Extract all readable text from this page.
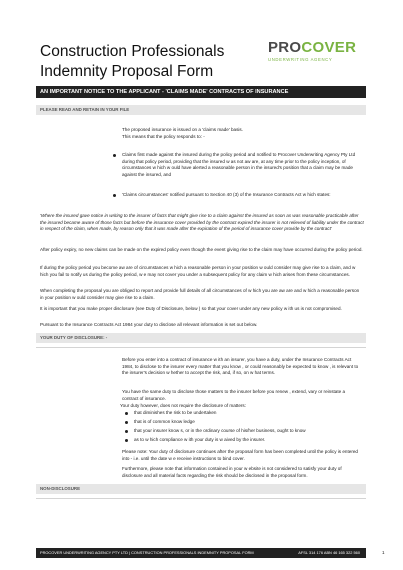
Construction Professionals
Indemnity Proposal Form
PROCOVER
UNDERWRITING AGENCY
AN IMPORTANT NOTICE TO THE APPLICANT - 'CLAIMS MADE' CONTRACTS OF INSURANCE
PLEASE READ AND RETAIN IN YOUR FILE
The proposed insurance is issued on a 'claims made' basis.
This means that the policy responds to: -
Claims first made against the insured during the policy period and notified to Procover Underwriting Agency Pty Ltd during that policy period, providing that the insured w as not aw are, at any time prior to the policy inception, of circumstances w hich w ould have alerted a reasonable person in the insured's position that a claim may be made against the insured, and
'Claims circumstances' notified pursuant to Section 40 (3) of the Insurance Contracts Act w hich states:
'Where the insured gave notice in writing to the insurer of facts that might give rise to a claim against the insured as soon as was reasonable practicable after the insured became aware of those facts but before the insurance cover provided by the contract expired the insurer is not relieved of liability under the contract in respect of the claim, when made, by reason only that it was made after the expiration of the period of insurance cover provide by the contract'
After policy expiry, no new claims can be made on the expired policy even though the event giving rise to the claim may have occurred during the policy period.
If during the policy period you become aw are of circumstances w hich a reasonable person in your position w ould consider may give rise to a claim, and w hich you fail to notify us during the policy period, w e may not cover you under a subsequent policy for any claim w hich arises from these circumstances.
When completing the proposal you are obliged to report and provide full details of all circumstances of w hich you are aw are and w hich a reasonable person in your position w ould consider may give rise to a claim.
It is important that you make proper disclosure (see Duty of Disclosure, below ) so that your cover under any new policy w ith us is not compromised.
Pursuant to the Insurance Contracts Act 1984 your duty to disclose all relevant information is set out below.
YOUR DUTY OF DISCLOSURE: -
Before you enter into a contract of insurance w ith an insurer, you have a duty, under the Insurance Contracts Act 1984, to disclose to the insurer every matter that you know , or could reasonably be expected to know , is relevant to the insurer's decision w hether to accept the risk, and, if so, on w hat terms.
You have the same duty to disclose those matters to the insurer before you renew , extend, vary or reinstate a contract of insurance.
Your duty however, does not require the disclosure of matters:
that diminishes the risk to be undertaken
that is of common know ledge
that your insurer know s, or in the ordinary course of his/her business, ought to know
as to w hich compliance w ith your duty is w aived by the insurer.
Please note: Your duty of disclosure continues after the proposal form has been completed until the policy is entered into - i.e. until the date w e receive instructions to bind cover.
Furthermore, please note that information contained in your w ebsite is not considered to satisfy your duty of disclosure and all material facts regarding the risk should be disclosed in the proposal form.
NON-DISCLOSURE
PROCOVER UNDERWRITING AGENCY PTY LTD | CONSTRUCTION PROFESSIONALS INDEMNITY PROPOSAL FORM	AFSL 314 176 ABN 46 165 322 560	1
